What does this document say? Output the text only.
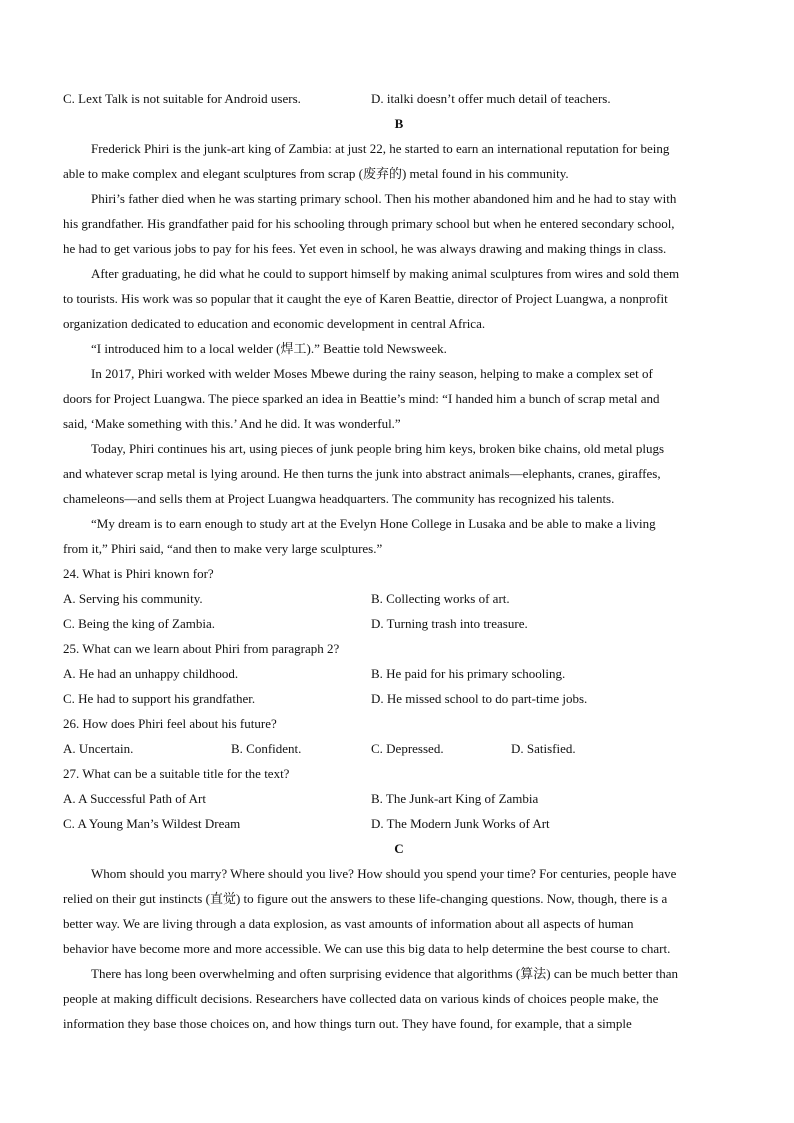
C. Lext Talk is not suitable for Android users.	D. italki doesn’t offer much detail of teachers.
B
Frederick Phiri is the junk-art king of Zambia: at just 22, he started to earn an international reputation for being
able to make complex and elegant sculptures from scrap (废弃的) metal found in his community.
Phiri’s father died when he was starting primary school. Then his mother abandoned him and he had to stay with
his grandfather. His grandfather paid for his schooling through primary school but when he entered secondary school,
he had to get various jobs to pay for his fees. Yet even in school, he was always drawing and making things in class.
After graduating, he did what he could to support himself by making animal sculptures from wires and sold them
to tourists. His work was so popular that it caught the eye of Karen Beattie, director of Project Luangwa, a nonprofit
organization dedicated to education and economic development in central Africa.
“I introduced him to a local welder (焊工).” Beattie told Newsweek.
In 2017, Phiri worked with welder Moses Mbewe during the rainy season, helping to make a complex set of
doors for Project Luangwa. The piece sparked an idea in Beattie’s mind: “I handed him a bunch of scrap metal and
said, ‘Make something with this.’ And he did. It was wonderful.”
Today, Phiri continues his art, using pieces of junk people bring him keys, broken bike chains, old metal plugs
and whatever scrap metal is lying around. He then turns the junk into abstract animals—elephants, cranes, giraffes,
chameleons—and sells them at Project Luangwa headquarters. The community has recognized his talents.
“My dream is to earn enough to study art at the Evelyn Hone College in Lusaka and be able to make a living
from it,” Phiri said, “and then to make very large sculptures.”
24. What is Phiri known for?
A. Serving his community.	B. Collecting works of art.
C. Being the king of Zambia.	D. Turning trash into treasure.
25. What can we learn about Phiri from paragraph 2?
A. He had an unhappy childhood.	B. He paid for his primary schooling.
C. He had to support his grandfather.	D. He missed school to do part-time jobs.
26. How does Phiri feel about his future?
A. Uncertain.	B. Confident.	C. Depressed.	D. Satisfied.
27. What can be a suitable title for the text?
A. A Successful Path of Art	B. The Junk-art King of Zambia
C. A Young Man’s Wildest Dream	D. The Modern Junk Works of Art
C
Whom should you marry? Where should you live? How should you spend your time? For centuries, people have
relied on their gut instincts (直觉) to figure out the answers to these life-changing questions. Now, though, there is a
better way. We are living through a data explosion, as vast amounts of information about all aspects of human
behavior have become more and more accessible. We can use this big data to help determine the best course to chart.
There has long been overwhelming and often surprising evidence that algorithms (算法) can be much better than
people at making difficult decisions. Researchers have collected data on various kinds of choices people make, the
information they base those choices on, and how things turn out. They have found, for example, that a simple
